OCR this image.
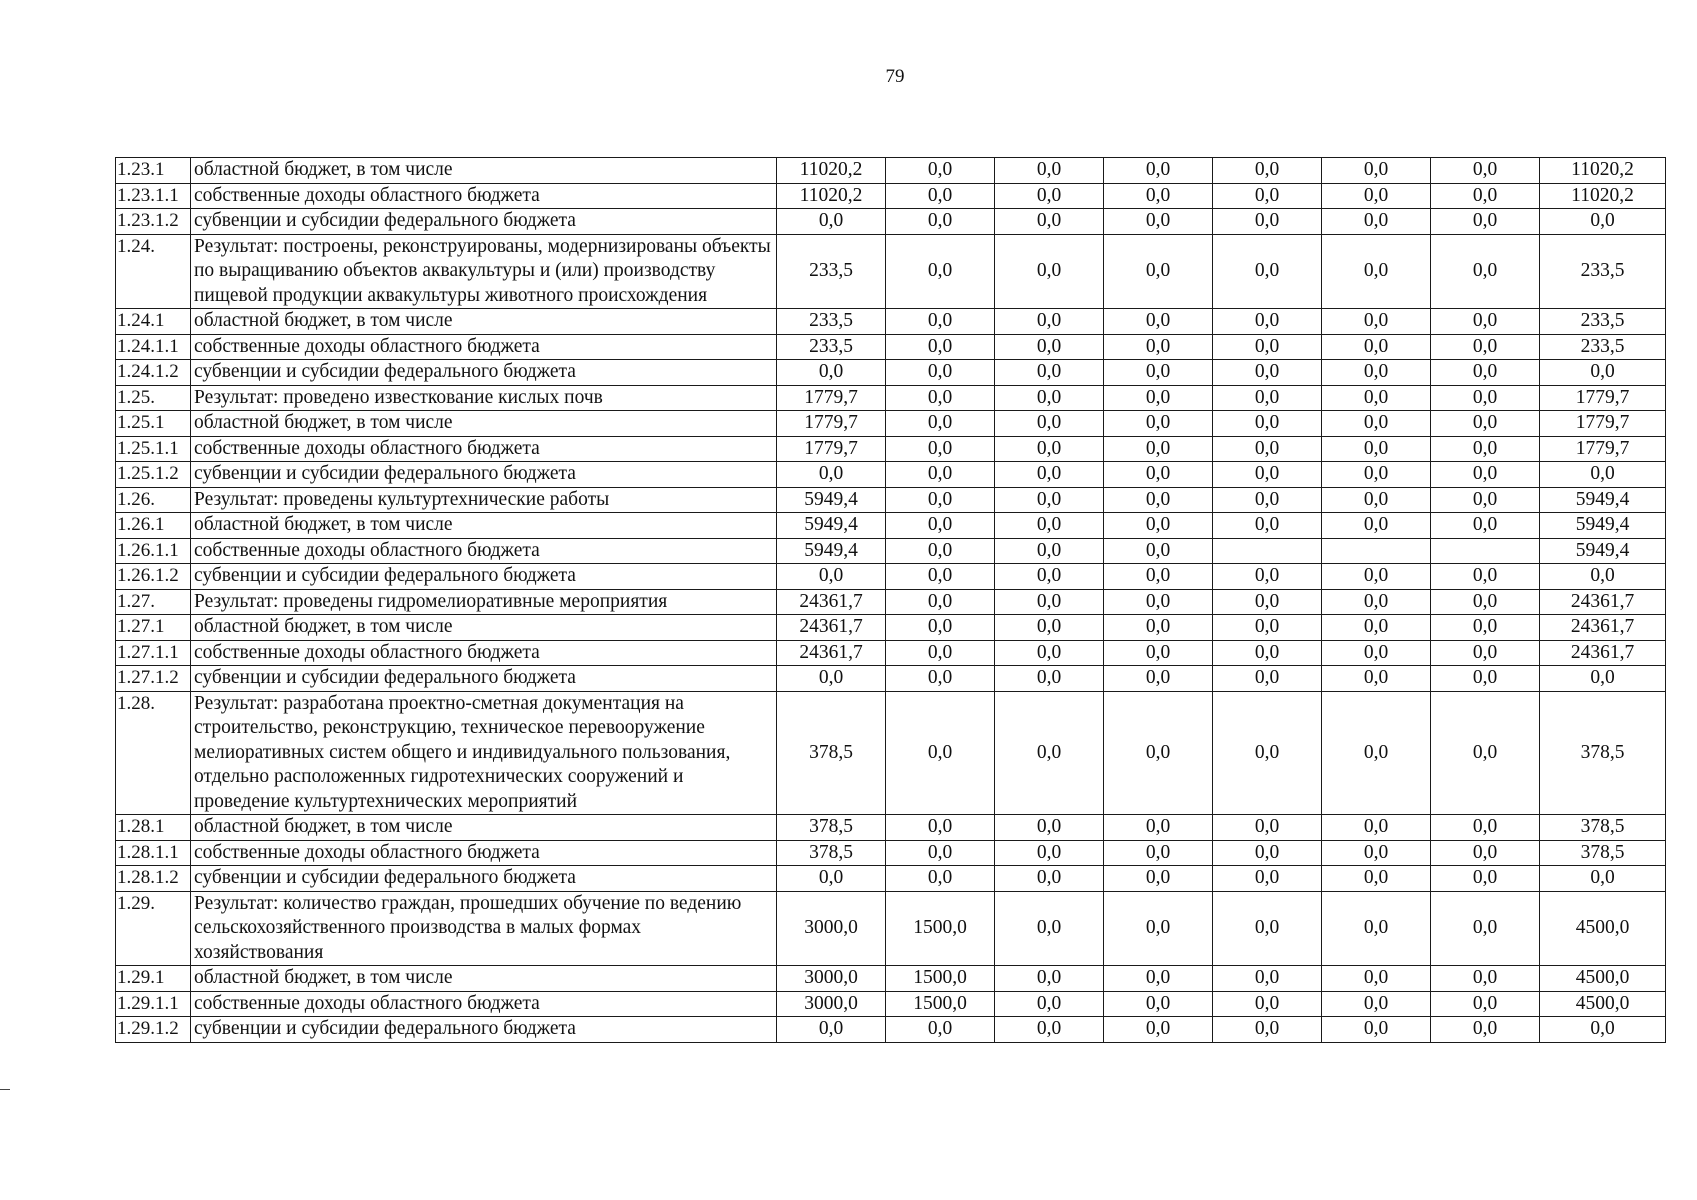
79
1.23.1	областной бюджет, в том числе	11020,2	0,0	0,0	0,0	0,0	0,0	0,0	11020,2
1.23.1.1	собственные доходы областного бюджета	11020,2	0,0	0,0	0,0	0,0	0,0	0,0	11020,2
1.23.1.2	субвенции и субсидии федерального бюджета	0,0	0,0	0,0	0,0	0,0	0,0	0,0	0,0
1.24.	Результат: построены, реконструированы, модернизированы объекты по выращиванию объектов аквакультуры и (или) производству пищевой продукции аквакультуры животного происхождения	233,5	0,0	0,0	0,0	0,0	0,0	0,0	233,5
1.24.1	областной бюджет, в том числе	233,5	0,0	0,0	0,0	0,0	0,0	0,0	233,5
1.24.1.1	собственные доходы областного бюджета	233,5	0,0	0,0	0,0	0,0	0,0	0,0	233,5
1.24.1.2	субвенции и субсидии федерального бюджета	0,0	0,0	0,0	0,0	0,0	0,0	0,0	0,0
1.25.	Результат: проведено известкование кислых почв	1779,7	0,0	0,0	0,0	0,0	0,0	0,0	1779,7
1.25.1	областной бюджет, в том числе	1779,7	0,0	0,0	0,0	0,0	0,0	0,0	1779,7
1.25.1.1	собственные доходы областного бюджета	1779,7	0,0	0,0	0,0	0,0	0,0	0,0	1779,7
1.25.1.2	субвенции и субсидии федерального бюджета	0,0	0,0	0,0	0,0	0,0	0,0	0,0	0,0
1.26.	Результат: проведены культуртехнические работы	5949,4	0,0	0,0	0,0	0,0	0,0	0,0	5949,4
1.26.1	областной бюджет, в том числе	5949,4	0,0	0,0	0,0	0,0	0,0	0,0	5949,4
1.26.1.1	собственные доходы областного бюджета	5949,4	0,0	0,0	0,0				5949,4
1.26.1.2	субвенции и субсидии федерального бюджета	0,0	0,0	0,0	0,0	0,0	0,0	0,0	0,0
1.27.	Результат: проведены гидромелиоративные мероприятия	24361,7	0,0	0,0	0,0	0,0	0,0	0,0	24361,7
1.27.1	областной бюджет, в том числе	24361,7	0,0	0,0	0,0	0,0	0,0	0,0	24361,7
1.27.1.1	собственные доходы областного бюджета	24361,7	0,0	0,0	0,0	0,0	0,0	0,0	24361,7
1.27.1.2	субвенции и субсидии федерального бюджета	0,0	0,0	0,0	0,0	0,0	0,0	0,0	0,0
1.28.	Результат: разработана проектно-сметная документация на строительство, реконструкцию, техническое перевооружение мелиоративных систем общего и индивидуального пользования, отдельно расположенных гидротехнических сооружений и проведение культуртехнических мероприятий	378,5	0,0	0,0	0,0	0,0	0,0	0,0	378,5
1.28.1	областной бюджет, в том числе	378,5	0,0	0,0	0,0	0,0	0,0	0,0	378,5
1.28.1.1	собственные доходы областного бюджета	378,5	0,0	0,0	0,0	0,0	0,0	0,0	378,5
1.28.1.2	субвенции и субсидии федерального бюджета	0,0	0,0	0,0	0,0	0,0	0,0	0,0	0,0
1.29.	Результат: количество граждан, прошедших обучение по ведению сельскохозяйственного производства в малых формах хозяйствования	3000,0	1500,0	0,0	0,0	0,0	0,0	0,0	4500,0
1.29.1	областной бюджет, в том числе	3000,0	1500,0	0,0	0,0	0,0	0,0	0,0	4500,0
1.29.1.1	собственные доходы областного бюджета	3000,0	1500,0	0,0	0,0	0,0	0,0	0,0	4500,0
1.29.1.2	субвенции и субсидии федерального бюджета	0,0	0,0	0,0	0,0	0,0	0,0	0,0	0,0
